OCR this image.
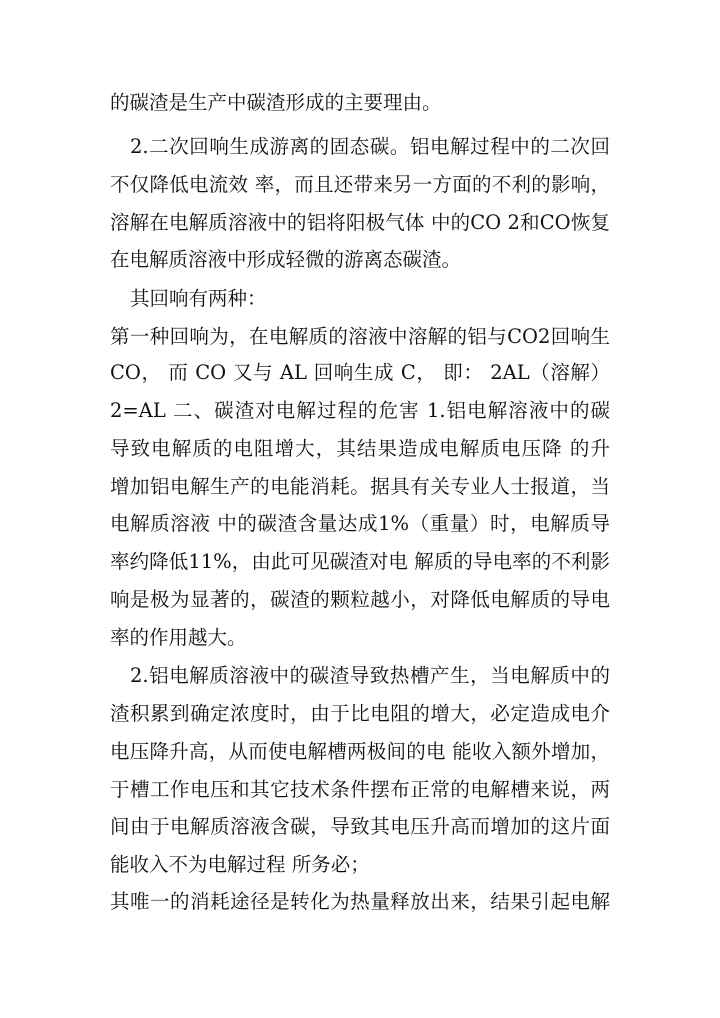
的碳渣是生产中碳渣形成的主要理由。
2.二次回响生成游离的固态碳。铝电解过程中的二次回
不仅降低电流效 率，而且还带来另一方面的不利的影响，
溶解在电解质溶液中的铝将阳极气体 中的CO 2和CO恢复
在电解质溶液中形成轻微的游离态碳渣。
其回响有两种：
第一种回响为，在电解质的溶液中溶解的铝与CO2回响生
CO， 而 CO 又与 AL 回响生成 C， 即： 2AL（溶解）
2=AL 二、碳渣对电解过程的危害 1.铝电解溶液中的碳
导致电解质的电阻增大，其结果造成电解质电压降 的升
增加铝电解生产的电能消耗。据具有关专业人士报道，当
电解质溶液 中的碳渣含量达成1%（重量）时，电解质导
率约降低11%，由此可见碳渣对电 解质的导电率的不利影
响是极为显著的，碳渣的颗粒越小，对降低电解质的导电
率的作用越大。
2.铝电解质溶液中的碳渣导致热槽产生，当电解质中的
渣积累到确定浓度时，由于比电阻的增大，必定造成电介
电压降升高，从而使电解槽两极间的电 能收入额外增加，
于槽工作电压和其它技术条件摆布正常的电解槽来说，两
间由于电解质溶液含碳，导致其电压升高而增加的这片面
能收入不为电解过程 所务必；
其唯一的消耗途径是转化为热量释放出来，结果引起电解
